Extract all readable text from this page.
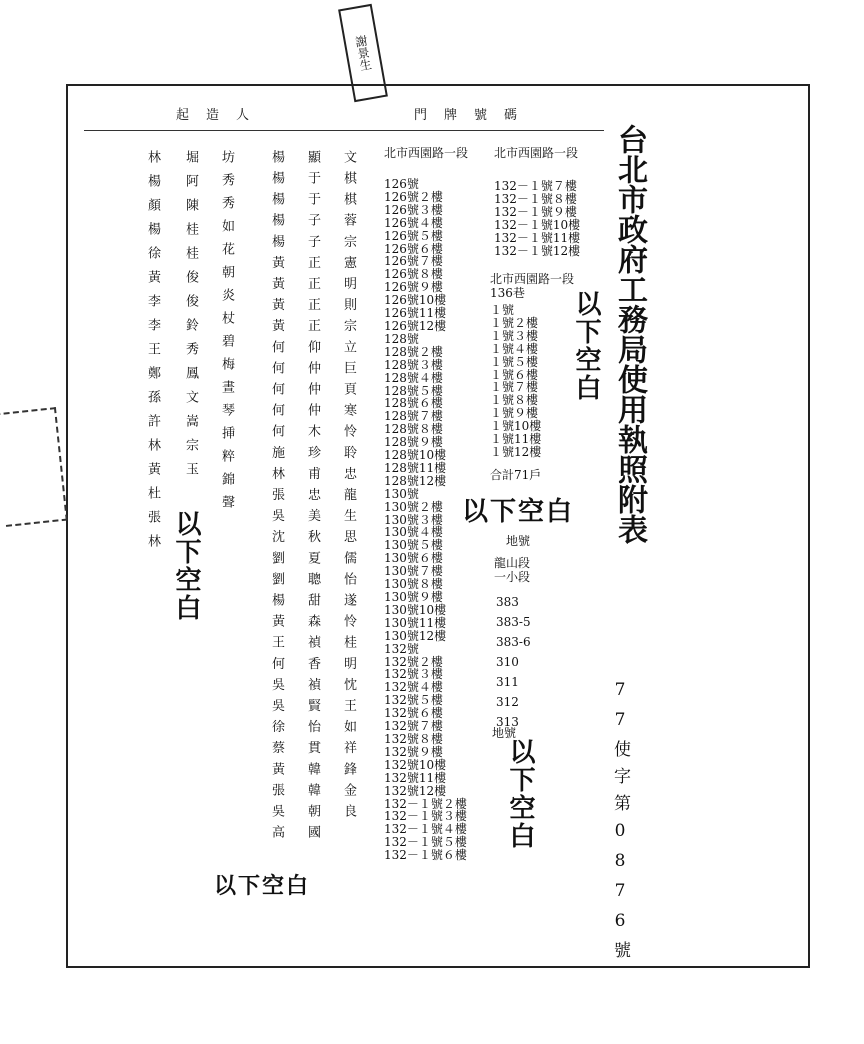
謝景生
起　造　人	門　牌　號　碼
台北市政府工務局使用執照附表
文棋棋蓉宗憲明則宗立巨頁寒怜聆忠龍生思儒怡遂怜桂明忱王如祥鋒金良
顯于于子子正正正正仰仲仲仲木珍甫忠美秋夏聰甜森禎香禎賢怡貫韓韓朝國
楊楊楊楊楊黃黃黃黃何何何何何施林張吳沈劉劉楊黃王何吳吳徐蔡黃張吳高
坊秀秀如花朝炎杖碧梅晝琴挿粹錦聲
堀阿陳桂桂俊俊鈴秀鳳文嵩宗玉
林楊顏楊徐黃李李王鄭孫許林黃杜張林
以下空白
以下空白
北市西園路一段
126號
126號２樓
126號３樓
126號４樓
126號５樓
126號６樓
126號７樓
126號８樓
126號９樓
126號10樓
126號11樓
126號12樓
128號
128號２樓
128號３樓
128號４樓
128號５樓
128號６樓
128號７樓
128號８樓
128號９樓
128號10樓
128號11樓
128號12樓
130號
130號２樓
130號３樓
130號４樓
130號５樓
130號６樓
130號７樓
130號８樓
130號９樓
130號10樓
130號11樓
130號12樓
132號
132號２樓
132號３樓
132號４樓
132號５樓
132號６樓
132號７樓
132號８樓
132號９樓
132號10樓
132號11樓
132號12樓
132－１號２樓
132－１號３樓
132－１號４樓
132－１號５樓
132－１號６樓
北市西園路一段
132－１號７樓
132－１號８樓
132－１號９樓
132－１號10樓
132－１號11樓
132－１號12樓
北市西園路一段136巷
１號
１號２樓
１號３樓
１號４樓
１號５樓
１號６樓
１號７樓
１號８樓
１號９樓
１號10樓
１號11樓
１號12樓
合計71戶
以下空白
以下空白
地號
龍山段一小段
383
383-5
383-6
310
311
312
313
地號
以下空白	77使字第0876號
